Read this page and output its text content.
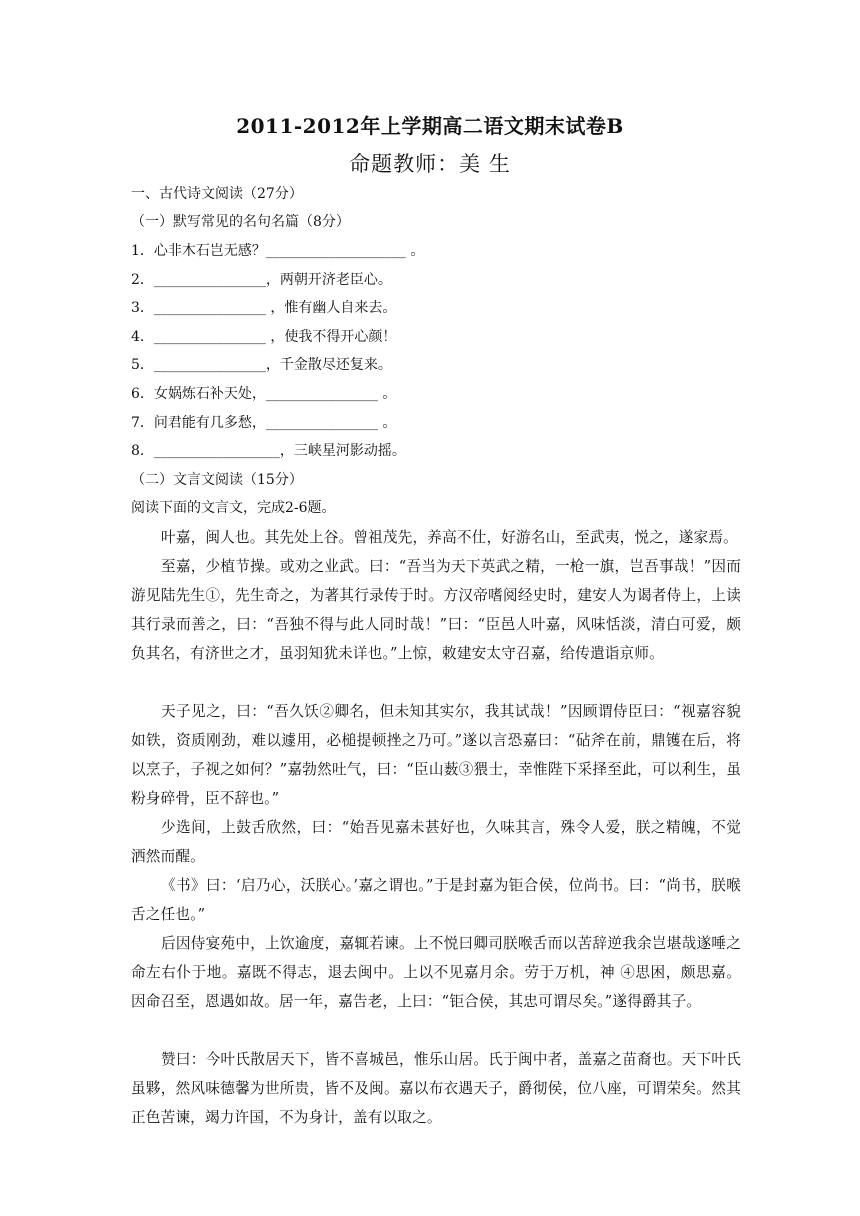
2011-2012年上学期高二语文期末试卷B
命题教师：美 生
一、古代诗文阅读（27分）
（一）默写常见的名句名篇（8分）
1．心非木石岂无感？____________________ 。
2．________________，两朝开济老臣心。
3．________________ ，惟有幽人自来去。
4．________________ ，使我不得开心颜！
5．________________，千金散尽还复来。
6．女娲炼石补天处，________________ 。
7．问君能有几多愁，________________ 。
8．__________________，三峡星河影动摇。
（二）文言文阅读（15分）
阅读下面的文言文，完成2-6题。
叶嘉，闽人也。其先处上谷。曾祖茂先，养高不仕，好游名山，至武夷，悦之，遂家焉。
至嘉，少植节操。或劝之业武。曰：“吾当为天下英武之精，一枪一旗，岂吾事哉！”因而游见陆先生①，先生奇之，为著其行录传于时。方汉帝嗜阅经史时，建安人为谒者侍上，上读其行录而善之，曰：“吾独不得与此人同时哉！”曰：“臣邑人叶嘉，风味恬淡，清白可爱，颇负其名，有济世之才，虽羽知犹未详也。”上惊，敕建安太守召嘉，给传遣诣京师。
天子见之，曰：“吾久饫②卿名，但未知其实尔，我其试哉！”因顾谓侍臣曰：“视嘉容貌如铁，资质刚劲，难以遽用，必槌提顿挫之乃可。”遂以言恐嘉曰：“砧斧在前，鼎镬在后，将以烹子，子视之如何？”嘉勃然吐气，曰：“臣山薮③猥士，幸惟陛下采择至此，可以利生，虽粉身碎骨，臣不辞也。”
少选间，上鼓舌欣然，曰：“始吾见嘉未甚好也，久味其言，殊令人爱，朕之精魄，不觉洒然而醒。
《书》曰：‘启乃心，沃朕心。’嘉之谓也。”于是封嘉为钜合侯，位尚书。曰：“尚书，朕喉舌之任也。”
后因侍宴苑中，上饮逾度，嘉辄若谏。上不悦曰卿司朕喉舌而以苦辞逆我余岂堪哉遂唾之命左右仆于地。嘉既不得志，退去闽中。上以不见嘉月余。劳于万机，神 ④思困，颇思嘉。因命召至，恩遇如故。居一年，嘉告老，上曰：“钜合侯，其忠可谓尽矣。”遂得爵其子。
赞曰：今叶氏散居天下，皆不喜城邑，惟乐山居。氏于闽中者，盖嘉之苗裔也。天下叶氏虽夥，然风味德馨为世所贵，皆不及闽。嘉以布衣遇天子，爵彻侯，位八座，可谓荣矣。然其正色苦谏，竭力许国，不为身计，盖有以取之。
